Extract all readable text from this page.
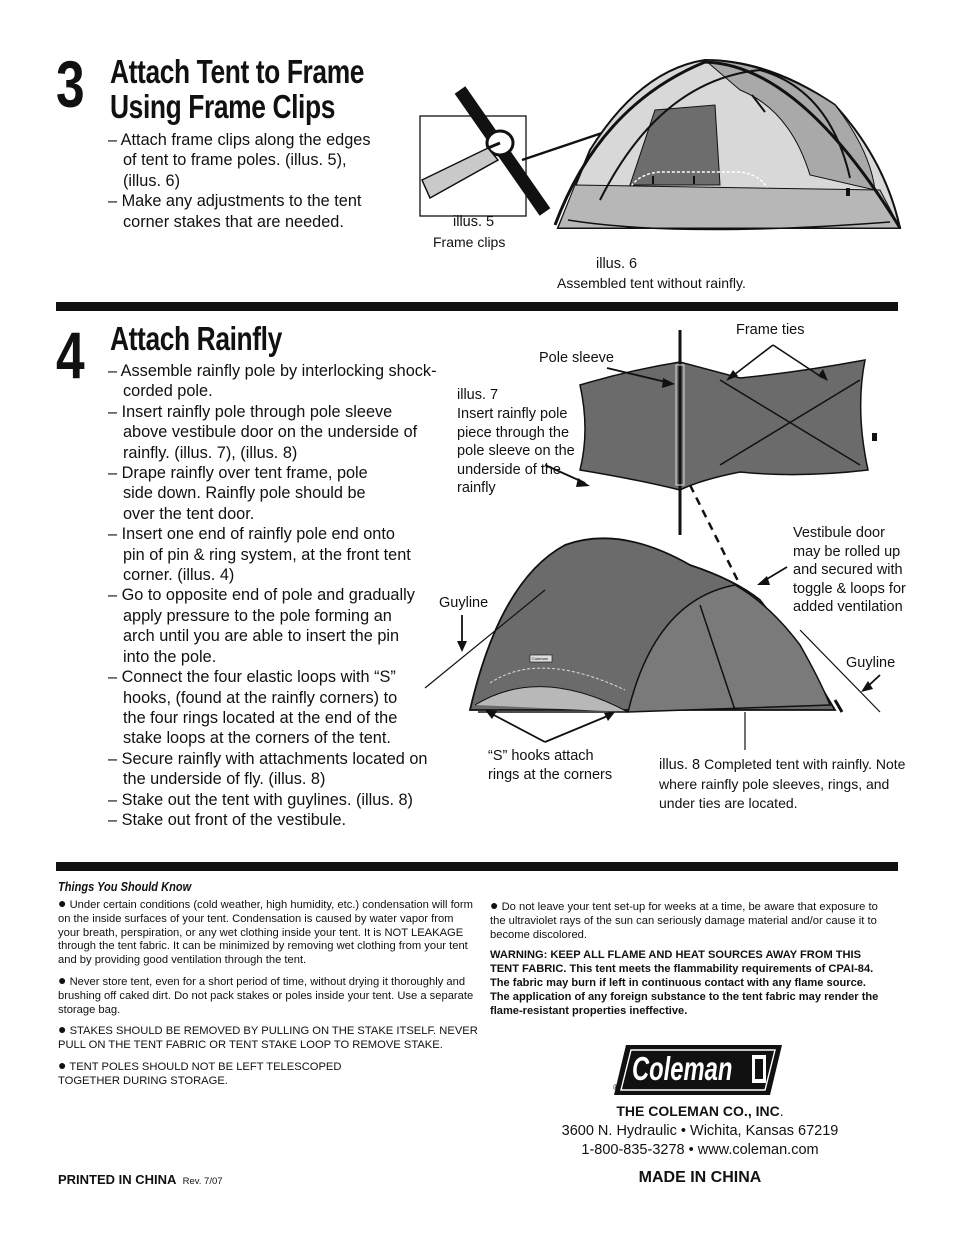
3 Attach Tent to Frame
Using Frame Clips
– Attach frame clips along the edges of tent to frame poles. (illus. 5), (illus. 6)
– Make any adjustments to the tent corner stakes that are needed.	illus. 5
Frame clips
illus. 6
Assembled tent without rainfly.
4 Attach Rainfly
– Assemble rainfly pole by interlocking shock-corded pole.
– Insert rainfly pole through pole sleeve above vestibule door on the underside of rainfly. (illus. 7), (illus. 8)
– Drape rainfly over tent frame, pole side down. Rainfly pole should be over the tent door.
– Insert one end of rainfly pole end onto pin of pin & ring system, at the front tent corner. (illus. 4)
– Go to opposite end of pole and gradually apply pressure to the pole forming an arch until you are able to insert the pin into the pole.
– Connect the four elastic loops with “S” hooks, (found at the rainfly corners) to the four rings located at the end of the stake loops at the corners of the tent.
– Secure rainfly with attachments located on the underside of fly. (illus. 8)
– Stake out the tent with guylines. (illus. 8)
– Stake out front of the vestibule.
Coleman
Frame ties
Pole sleeve
illus. 7
Insert rainfly pole piece through the pole sleeve on the underside of the rainfly
Vestibule door may be rolled up and secured with toggle & loops for added ventilation
Guyline
Guyline
“S” hooks attach rings at the corners
illus. 8 Completed tent with rainfly. Note where rainfly pole sleeves, rings, and under ties are located.
Things You Should Know

● Under certain conditions (cold weather, high humidity, etc.) condensation will form on the inside surfaces of your tent. Condensation is caused by water vapor from your breath, perspiration, or any wet clothing inside your tent. It is NOT LEAKAGE through the tent fabric. It can be minimized by removing wet clothing from your tent and by providing good ventilation through the tent.

● Never store tent, even for a short period of time, without drying it thoroughly and brushing off caked dirt. Do not pack stakes or poles inside your tent. Use a separate storage bag.

● STAKES SHOULD BE REMOVED BY PULLING ON THE STAKE ITSELF. NEVER PULL ON THE TENT FABRIC OR TENT STAKE LOOP TO REMOVE STAKE.

● TENT POLES SHOULD NOT BE LEFT TELESCOPED TOGETHER DURING STORAGE.

● Do not leave your tent set-up for weeks at a time, be aware that exposure to the ultraviolet rays of the sun can seriously damage material and/or cause it to become discolored.
WARNING: KEEP ALL FLAME AND HEAT SOURCES AWAY FROM THIS TENT FABRIC. This tent meets the flammability requirements of CPAI-84. The fabric may burn if left in continuous contact with any flame source. The application of any foreign substance to the tent fabric may render the flame-resistant properties ineffective.
Coleman
®
THE COLEMAN CO., INC.
3600 N. Hydraulic • Wichita, Kansas 67219
1-800-835-3278 • www.coleman.com
MADE IN CHINA
PRINTED IN CHINA Rev. 7/07
